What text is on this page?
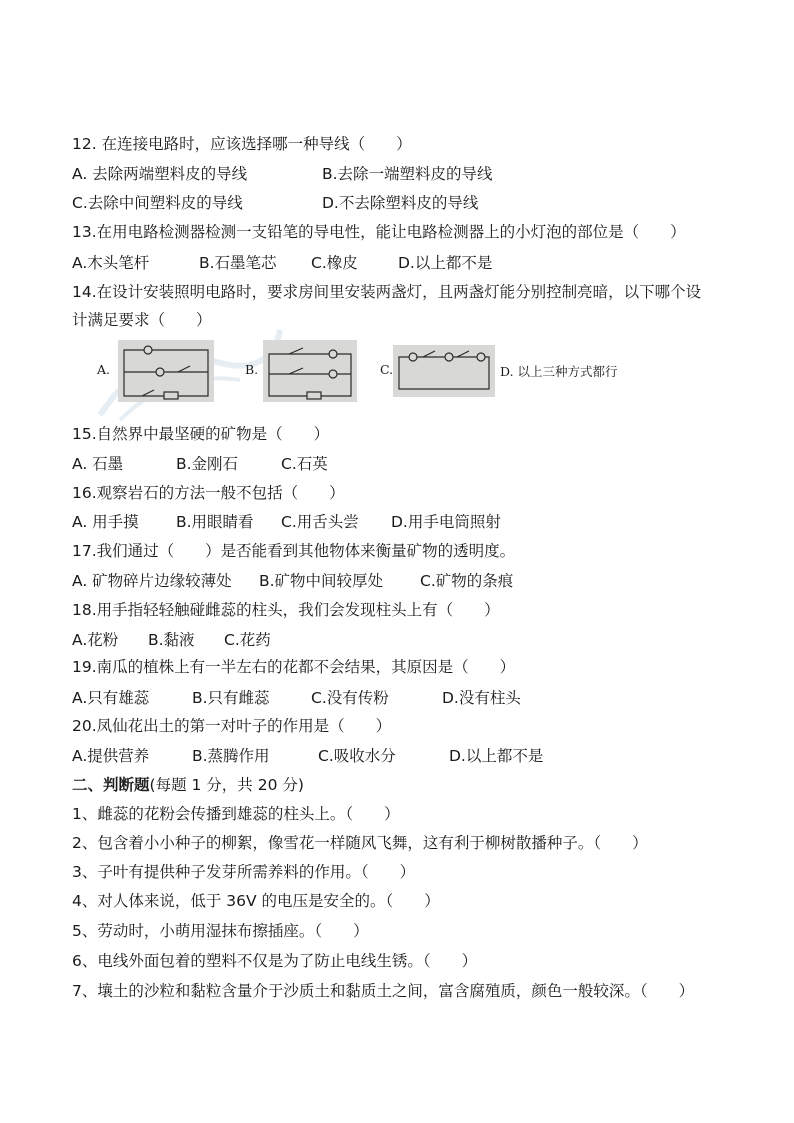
12. 在连接电路时，应该选择哪一种导线（　　）
A. 去除两端塑料皮的导线	B.去除一端塑料皮的导线
C.去除中间塑料皮的导线	D.不去除塑料皮的导线
13.在用电路检测器检测一支铅笔的导电性，能让电路检测器上的小灯泡的部位是（　　）
A.木头笔杆	B.石墨笔芯 C.橡皮	D.以上都不是
14.在设计安装照明电路时，要求房间里安装两盏灯，且两盏灯能分别控制亮暗，以下哪个设
计满足要求（　　）
A.	B.	C.	D. 以上三种方式都行
15.自然界中最坚硬的矿物是（　　）
A. 石墨	B.金刚石	C.石英
16.观察岩石的方法一般不包括（　　）
A. 用手摸 B.用眼睛看 C.用舌头尝 D.用手电筒照射
17.我们通过（　　）是否能看到其他物体来衡量矿物的透明度。
A. 矿物碎片边缘较薄处 B.矿物中间较厚处 C.矿物的条痕
18.用手指轻轻触碰雌蕊的柱头，我们会发现柱头上有（　　）
A.花粉 B.黏液 C.花药
19.南瓜的植株上有一半左右的花都不会结果，其原因是（　　）
A.只有雄蕊	B.只有雌蕊	C.没有传粉	D.没有柱头
20.凤仙花出土的第一对叶子的作用是（　　）
A.提供营养	B.蒸腾作用	C.吸收水分	D.以上都不是
二、判断题(每题 1 分，共 20 分)
1、雌蕊的花粉会传播到雄蕊的柱头上。（　　）
2、包含着小小种子的柳絮，像雪花一样随风飞舞，这有利于柳树散播种子。（　　）
3、子叶有提供种子发芽所需养料的作用。（　　）
4、对人体来说，低于 36V 的电压是安全的。（　　）
5、劳动时，小萌用湿抹布擦插座。（　　）
6、电线外面包着的塑料不仅是为了防止电线生锈。（　　）
7、壤土的沙粒和黏粒含量介于沙质土和黏质土之间，富含腐殖质，颜色一般较深。（　　）
